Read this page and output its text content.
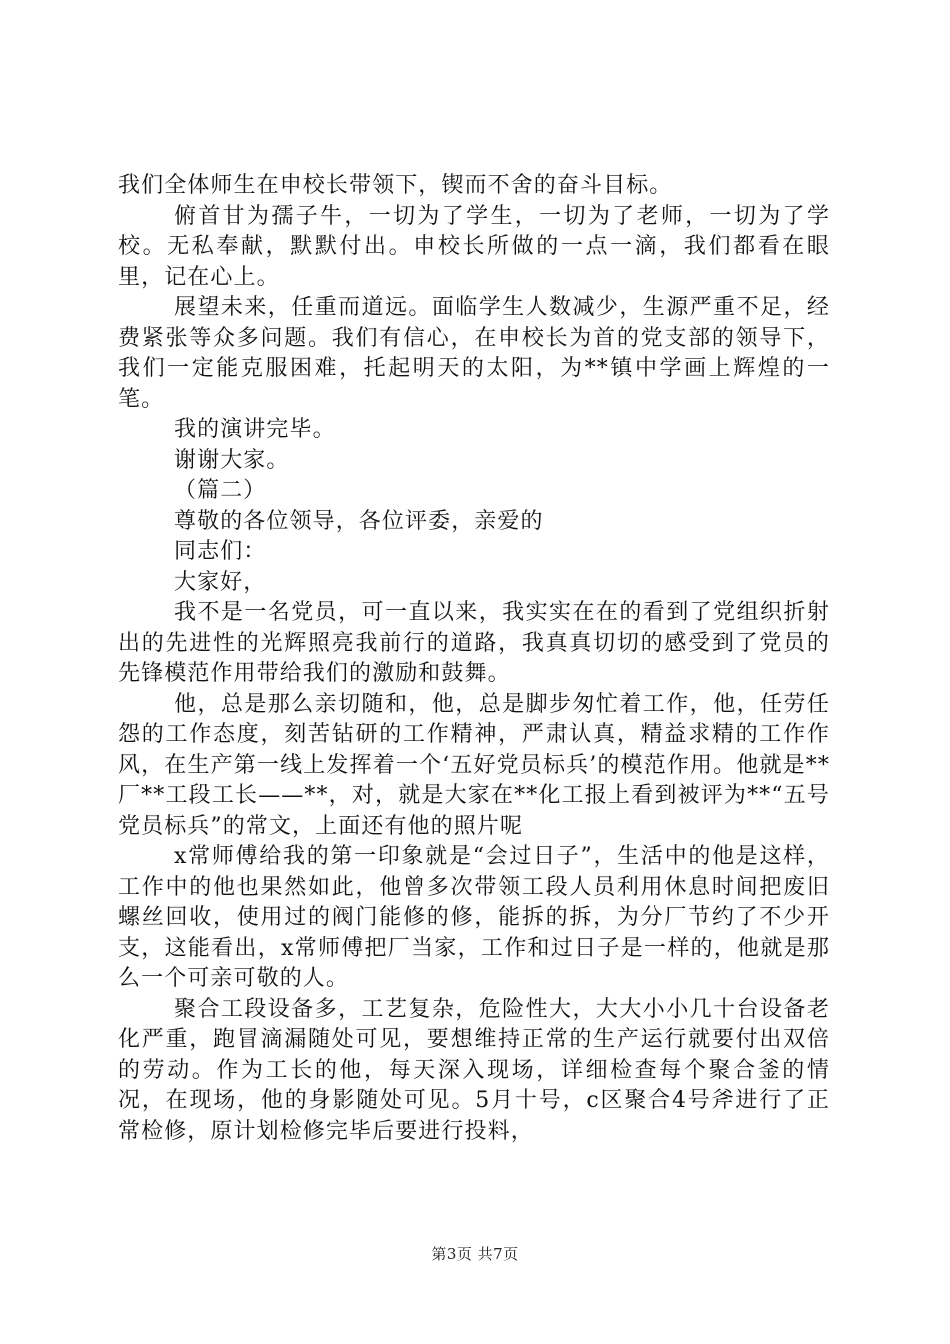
我们全体师生在申校长带领下，锲而不舍的奋斗目标。

俯首甘为孺子牛，一切为了学生，一切为了老师，一切为了学校。无私奉献，默默付出。申校长所做的一点一滴，我们都看在眼里，记在心上。

展望未来，任重而道远。面临学生人数减少，生源严重不足，经费紧张等众多问题。我们有信心，在申校长为首的党支部的领导下，我们一定能克服困难，托起明天的太阳，为**镇中学画上辉煌的一笔。

我的演讲完毕。

谢谢大家。

（篇二）

尊敬的各位领导，各位评委，亲爱的

同志们：

大家好，

我不是一名党员，可一直以来，我实实在在的看到了党组织折射出的先进性的光辉照亮我前行的道路，我真真切切的感受到了党员的先锋模范作用带给我们的激励和鼓舞。

他，总是那么亲切随和，他，总是脚步匆忙着工作，他，任劳任怨的工作态度，刻苦钻研的工作精神，严肃认真，精益求精的工作作风，在生产第一线上发挥着一个‘五好党员标兵’的模范作用。他就是**厂**工段工长——**，对，就是大家在**化工报上看到被评为**“五号党员标兵”的常文，上面还有他的照片呢

x常师傅给我的第一印象就是“会过日子”，生活中的他是这样，工作中的他也果然如此，他曾多次带领工段人员利用休息时间把废旧螺丝回收，使用过的阀门能修的修，能拆的拆，为分厂节约了不少开支，这能看出，x常师傅把厂当家，工作和过日子是一样的，他就是那么一个可亲可敬的人。

聚合工段设备多，工艺复杂，危险性大，大大小小几十台设备老化严重，跑冒滴漏随处可见，要想维持正常的生产运行就要付出双倍的劳动。作为工长的他，每天深入现场，详细检查每个聚合釜的情况，在现场，他的身影随处可见。5月十号，c区聚合4号斧进行了正常检修，原计划检修完毕后要进行投料，

第3页 共7页
